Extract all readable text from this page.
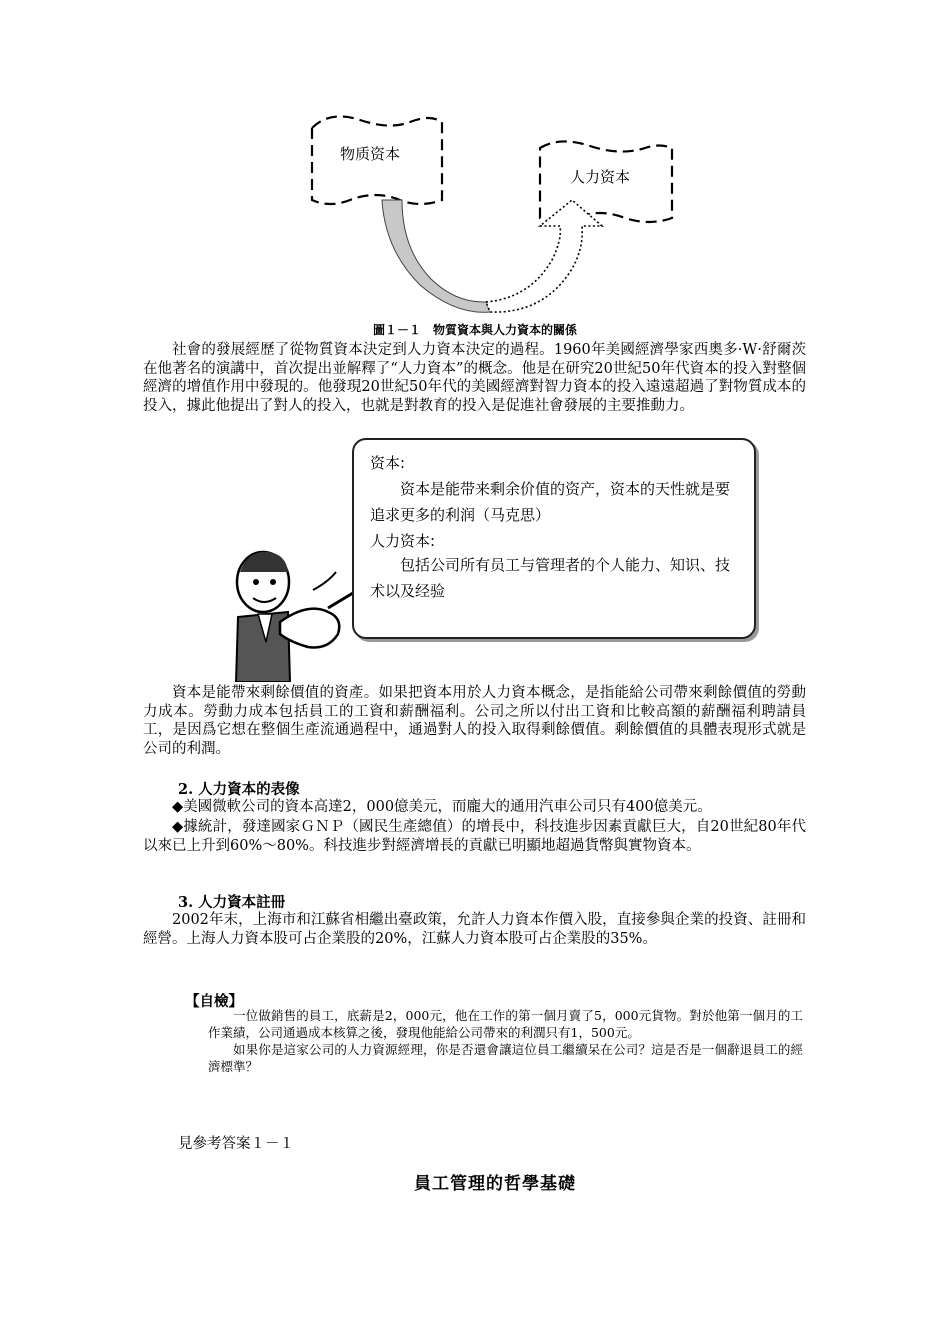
物质资本
人力资本
圖１－１　物質資本與人力資本的關係
社會的發展經歷了從物質資本決定到人力資本決定的過程。1960年美國經濟學家西奧多·W·舒爾茨在他著名的演講中，首次提出並解釋了“人力資本”的概念。他是在研究20世紀50年代資本的投入對整個經濟的增值作用中發現的。他發現20世紀50年代的美國經濟對智力資本的投入遠遠超過了對物質成本的投入，據此他提出了對人的投入，也就是對教育的投入是促進社會發展的主要推動力。
资本:
资本是能带来剩余价值的资产，资本的天性就是要追求更多的利润（马克思）
人力资本:
包括公司所有员工与管理者的个人能力、知识、技术以及经验
資本是能帶來剩餘價值的資產。如果把資本用於人力資本概念，是指能給公司帶來剩餘價值的勞動力成本。勞動力成本包括員工的工資和薪酬福利。公司之所以付出工資和比較高額的薪酬福利聘請員工，是因爲它想在整個生產流通過程中，通過對人的投入取得剩餘價值。剩餘價值的具體表現形式就是公司的利潤。
2. 人力資本的表像
◆美國微軟公司的資本高達2，000億美元，而龐大的通用汽車公司只有400億美元。
◆據統計，發達國家ＧＮＰ（國民生產總值）的增長中，科技進步因素貢獻巨大，自20世紀80年代以來已上升到60%～80%。科技進步對經濟增長的貢獻已明顯地超過貨幣與實物資本。
3. 人力資本註冊
2002年末，上海市和江蘇省相繼出臺政策，允許人力資本作價入股，直接參與企業的投資、註冊和經營。上海人力資本股可占企業股的20%，江蘇人力資本股可占企業股的35%。
【自檢】
一位做銷售的員工，底薪是2，000元，他在工作的第一個月賣了5，000元貨物。對於他第一個月的工作業績，公司通過成本核算之後，發現他能給公司帶來的利潤只有1，500元。
如果你是這家公司的人力資源經理，你是否還會讓這位員工繼續呆在公司？這是否是一個辭退員工的經濟標準？
見參考答案１－１
員工管理的哲學基礎
